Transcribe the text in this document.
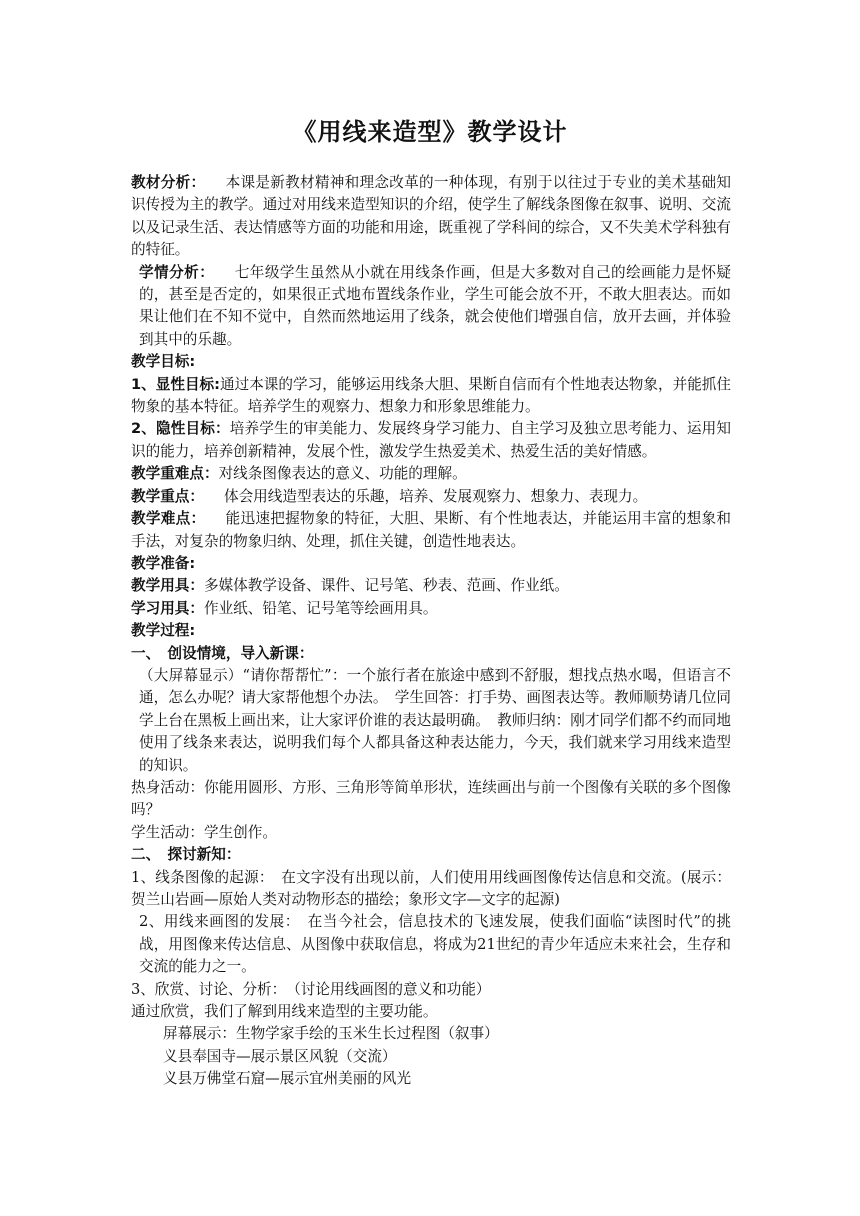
《用线来造型》教学设计

教材分析： 本课是新教材精神和理念改革的一种体现，有别于以往过于专业的美术基础知识传授为主的教学。通过对用线来造型知识的介绍，使学生了解线条图像在叙事、说明、交流以及记录生活、表达情感等方面的功能和用途，既重视了学科间的综合，又不失美术学科独有的特征。

学情分析： 七年级学生虽然从小就在用线条作画，但是大多数对自己的绘画能力是怀疑的，甚至是否定的，如果很正式地布置线条作业，学生可能会放不开，不敢大胆表达。而如果让他们在不知不觉中，自然而然地运用了线条，就会使他们增强自信，放开去画，并体验到其中的乐趣。

教学目标:

1、显性目标:通过本课的学习，能够运用线条大胆、果断自信而有个性地表达物象，并能抓住物象的基本特征。培养学生的观察力、想象力和形象思维能力。

2、隐性目标：培养学生的审美能力、发展终身学习能力、自主学习及独立思考能力、运用知识的能力，培养创新精神，发展个性，激发学生热爱美术、热爱生活的美好情感。

教学重难点：对线条图像表达的意义、功能的理解。

教学重点： 体会用线造型表达的乐趣，培养、发展观察力、想象力、表现力。

教学难点： 能迅速把握物象的特征，大胆、果断、有个性地表达，并能运用丰富的想象和手法，对复杂的物象归纳、处理，抓住关键，创造性地表达。

教学准备:

教学用具：多媒体教学设备、课件、记号笔、秒表、范画、作业纸。

学习用具：作业纸、铅笔、记号笔等绘画用具。

教学过程:

一、　创设情境，导入新课：

（大屏幕显示）“请你帮帮忙”：一个旅行者在旅途中感到不舒服，想找点热水喝，但语言不通，怎么办呢？请大家帮他想个办法。　学生回答：打手势、画图表达等。教师顺势请几位同学上台在黑板上画出来，让大家评价谁的表达最明确。　教师归纳：刚才同学们都不约而同地使用了线条来表达，说明我们每个人都具备这种表达能力，今天，我们就来学习用线来造型的知识。

热身活动：你能用圆形、方形、三角形等简单形状，连续画出与前一个图像有关联的多个图像吗？

学生活动：学生创作。

二、　探讨新知：

1、线条图像的起源：　在文字没有出现以前，人们使用用线画图像传达信息和交流。(展示：贺兰山岩画—原始人类对动物形态的描绘；象形文字—文字的起源)

2、用线来画图的发展：　在当今社会，信息技术的飞速发展，使我们面临“读图时代”的挑战，用图像来传达信息、从图像中获取信息，将成为21世纪的青少年适应未来社会，生存和交流的能力之一。

3、欣赏、讨论、分析：　（讨论用线画图的意义和功能）

通过欣赏，我们了解到用线来造型的主要功能。

屏幕展示：生物学家手绘的玉米生长过程图（叙事）

义县奉国寺—展示景区风貌（交流）

义县万佛堂石窟—展示宜州美丽的风光
